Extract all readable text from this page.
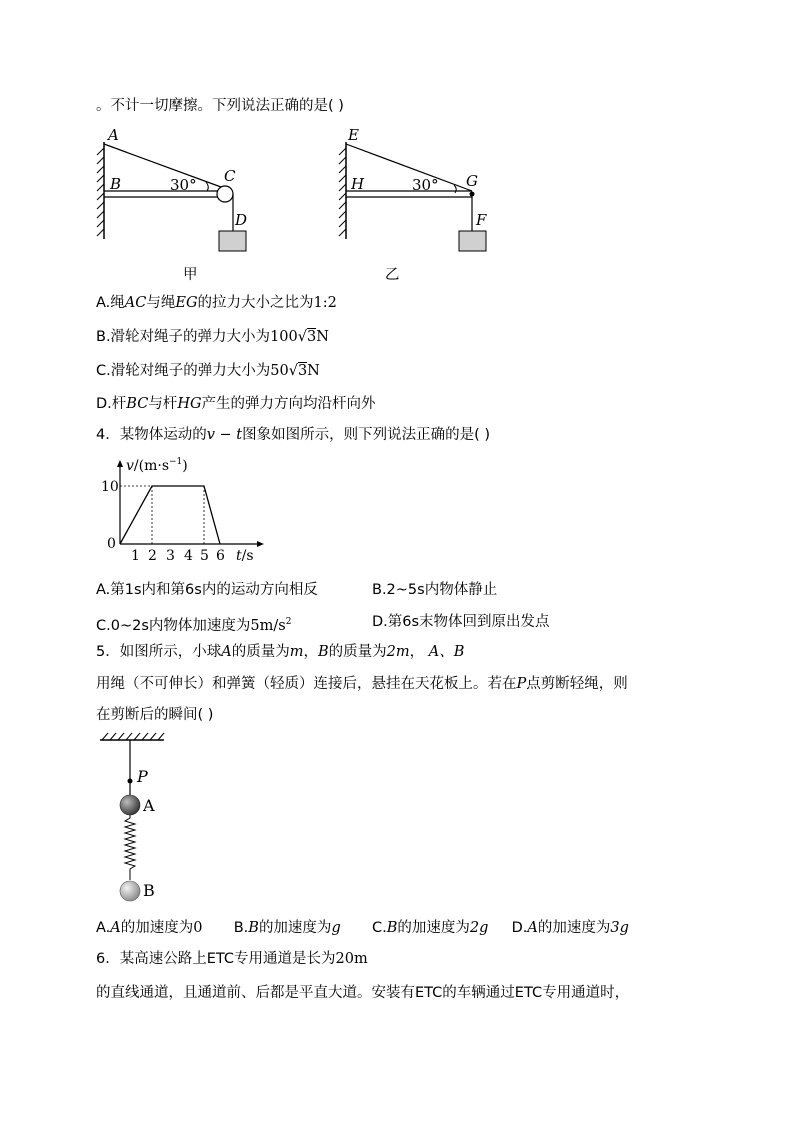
。不计一切摩擦。下列说法正确的是( )
A
B	C
D
30°
甲
E
H	G
F
30°
乙
A.绳AC与绳EG的拉力大小之比为1:2
B.滑轮对绳子的弹力大小为100√3N
C.滑轮对绳子的弹力大小为50√3N
D.杆BC与杆HG产生的弹力方向均沿杆向外
4．某物体运动的v − t图象如图所示，则下列说法正确的是( )
$v/(m\cdot s^{-1})$
10
0
1 2 3 4 5 6 t/s
A.第1s内和第6s内的运动方向相反	B.2~5s内物体静止
C.0~2s内物体加速度为$5m/s^2$	D.第6s末物体回到原出发点
5．如图所示，小球A的质量为m，B的质量为2m， A、B
用绳（不可伸长）和弹簧（轻质）连接后，悬挂在天花板上。若在P点剪断轻绳，则
在剪断后的瞬间( )
P
A
B
A.A的加速度为0 B.B的加速度为g C.B的加速度为2g D.A的加速度为3g
6．某高速公路上ETC专用通道是长为20m
的直线通道，且通道前、后都是平直大道。安装有ETC的车辆通过ETC专用通道时，
